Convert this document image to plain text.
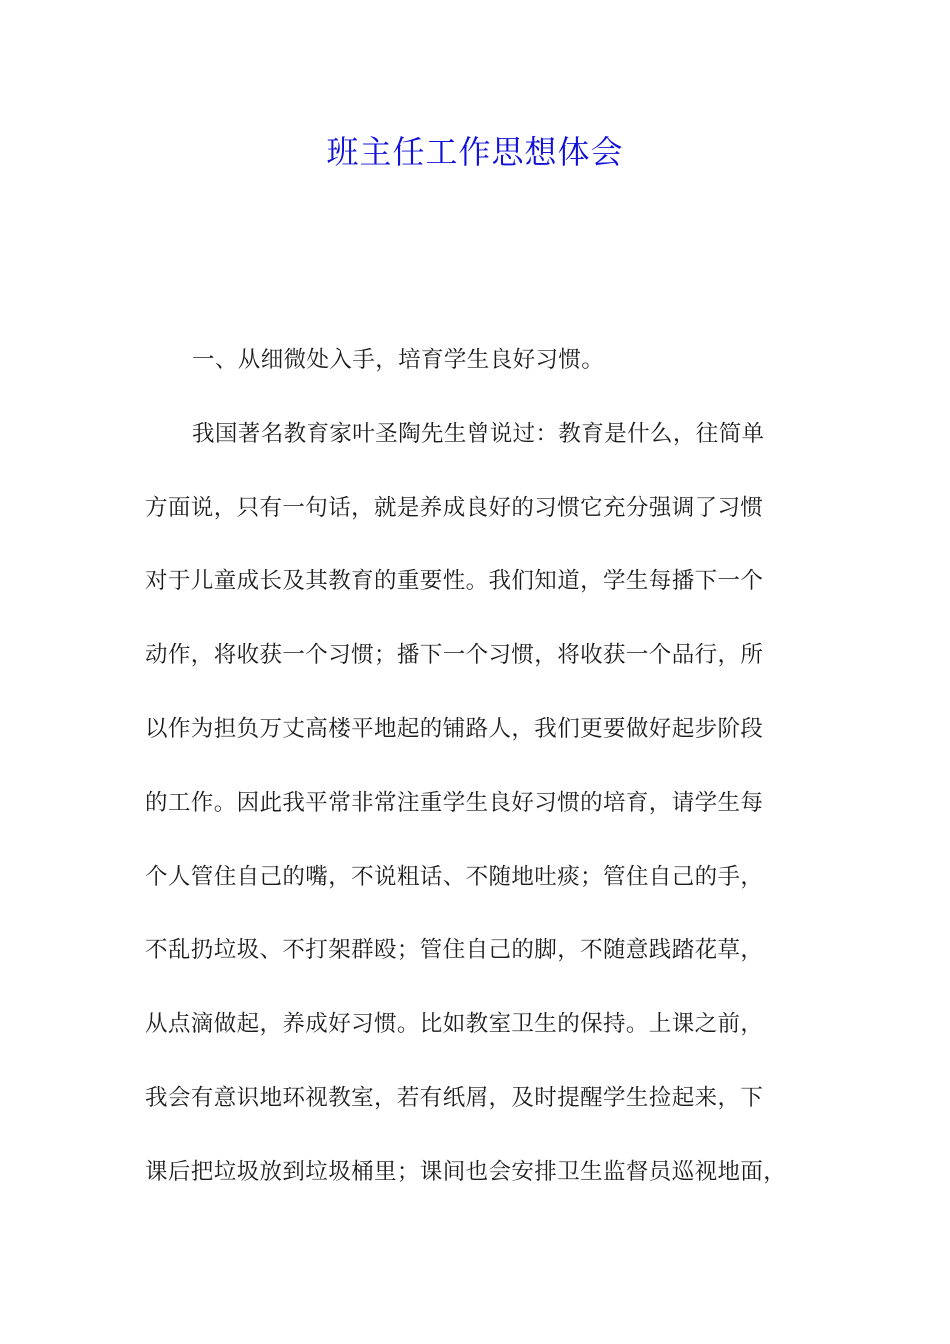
班主任工作思想体会
一、从细微处入手，培育学生良好习惯。
我国著名教育家叶圣陶先生曾说过：教育是什么，往简单
方面说，只有一句话，就是养成良好的习惯它充分强调了习惯
对于儿童成长及其教育的重要性。我们知道，学生每播下一个
动作，将收获一个习惯；播下一个习惯，将收获一个品行，所
以作为担负万丈高楼平地起的铺路人，我们更要做好起步阶段
的工作。因此我平常非常注重学生良好习惯的培育，请学生每
个人管住自己的嘴，不说粗话、不随地吐痰；管住自己的手，
不乱扔垃圾、不打架群殴；管住自己的脚，不随意践踏花草，
从点滴做起，养成好习惯。比如教室卫生的保持。上课之前，
我会有意识地环视教室，若有纸屑，及时提醒学生捡起来，下
课后把垃圾放到垃圾桶里；课间也会安排卫生监督员巡视地面，
